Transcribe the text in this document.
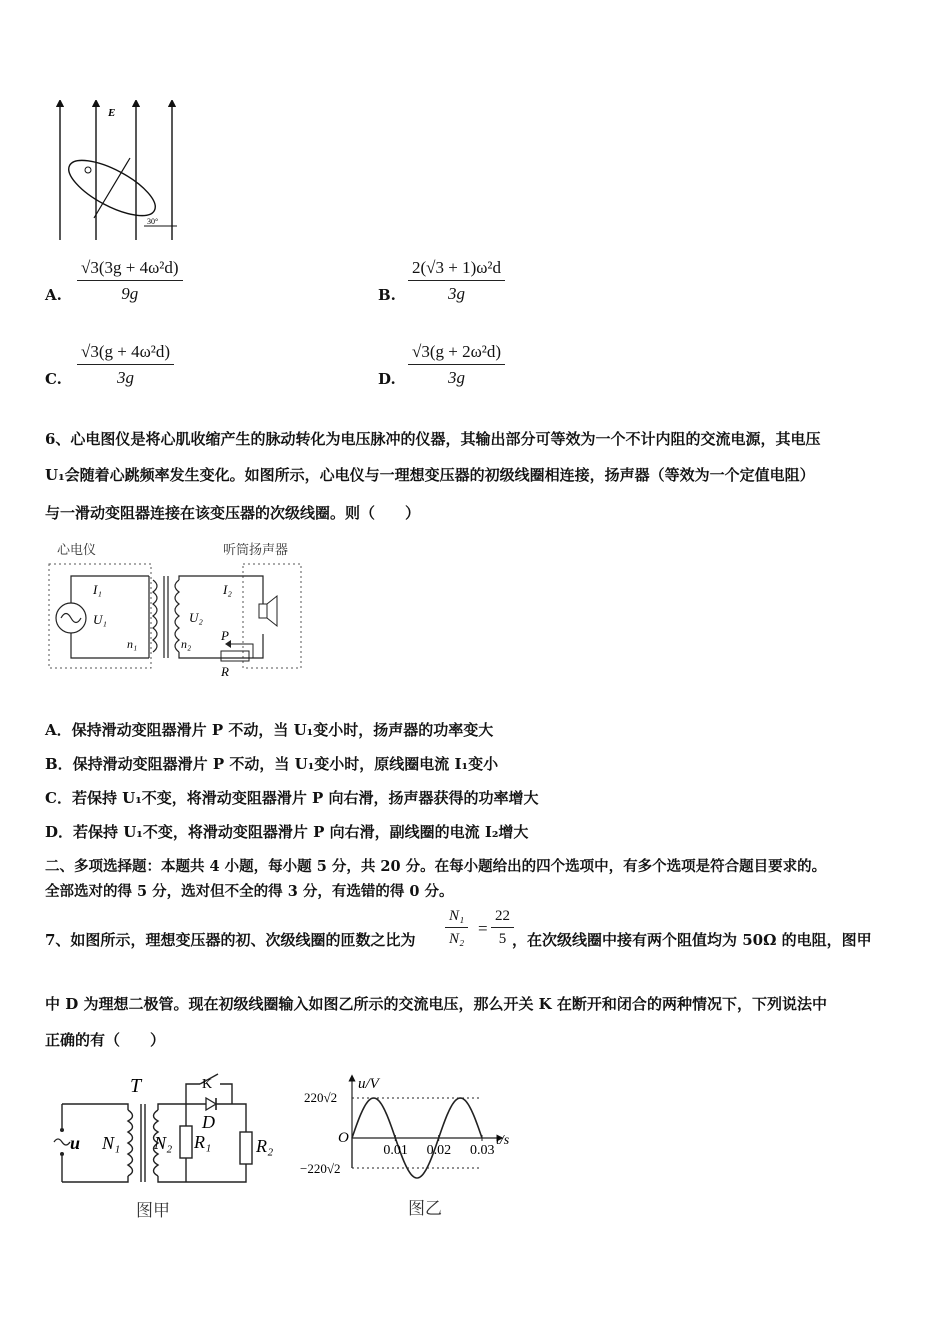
E
30°
A. $\frac{\text{√3(3g + 4ω²d)}}{9g}$	B. $\frac{\text{2(√3 + 1)ω²d}}{3g}$
C. $\frac{\text{√3(g + 4ω²d)}}{3g}$	D. $\frac{\text{√3(g + 2ω²d)}}{3g}$
6、心电图仪是将心肌收缩产生的脉动转化为电压脉冲的仪器，其输出部分可等效为一个不计内阻的交流电源，其电压
U₁会随着心跳频率发生变化。如图所示，心电仪与一理想变压器的初级线圈相连接，扬声器（等效为一个定值电阻）
与一滑动变阻器连接在该变压器的次级线圈。则（　　）
心电仪	听筒扬声器
I₁
U₁
n₁
I₂
U₂
n₂
P
R
A．保持滑动变阻器滑片 P 不动，当 U₁变小时，扬声器的功率变大
B．保持滑动变阻器滑片 P 不动，当 U₁变小时，原线圈电流 I₁变小
C．若保持 U₁不变，将滑动变阻器滑片 P 向右滑，扬声器获得的功率增大
D．若保持 U₁不变，将滑动变阻器滑片 P 向右滑，副线圈的电流 I₂增大
二、多项选择题：本题共 4 小题，每小题 5 分，共 20 分。在每小题给出的四个选项中，有多个选项是符合题目要求的。
全部选对的得 5 分，选对但不全的得 3 分，有选错的得 0 分。
7、如图所示，理想变压器的初、次级线圈的匝数之比为 $\frac{\text{N₁}}{\text{N₂}} = \frac{22}{5}$
，在次级线圈中接有两个阻值均为 50Ω 的电阻，图甲
中 D 为理想二极管。现在初级线圈输入如图乙所示的交流电压，那么开关 K 在断开和闭合的两种情况下，下列说法中
正确的有（　　）
T
u N₁ N₂
K
D
R₁ R₂
图甲
u/V
t/s
O
220√2
−220√2
0.01 0.02 0.03
图乙
